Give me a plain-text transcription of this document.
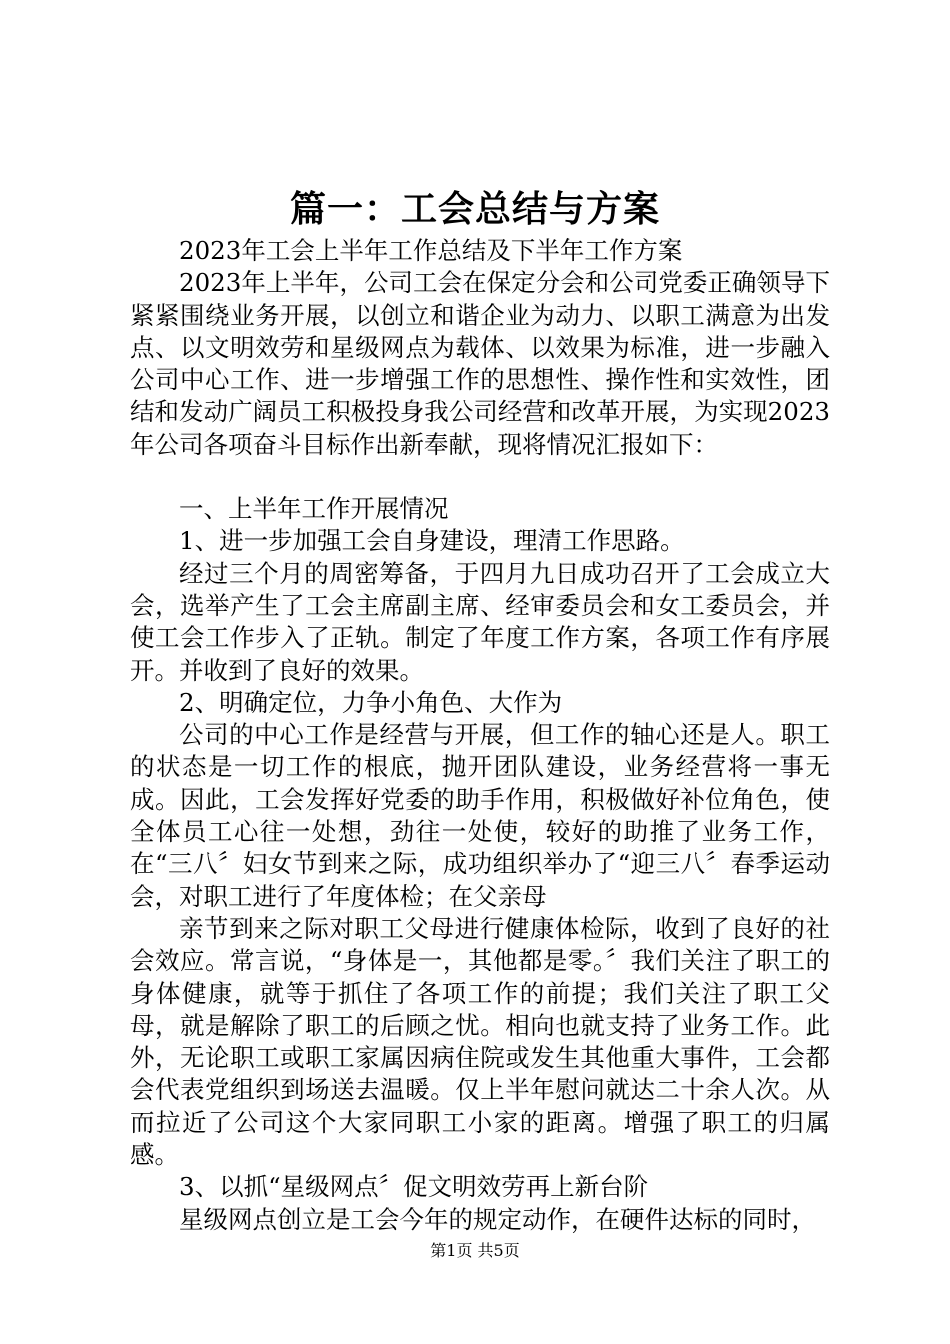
篇一：工会总结与方案

2023年工会上半年工作总结及下半年工作方案

2023年上半年，公司工会在保定分会和公司党委正确领导下紧紧围绕业务开展，以创立和谐企业为动力、以职工满意为出发点、以文明效劳和星级网点为载体、以效果为标准，进一步融入公司中心工作、进一步增强工作的思想性、操作性和实效性，团结和发动广阔员工积极投身我公司经营和改革开展，为实现2023年公司各项奋斗目标作出新奉献，现将情况汇报如下：

一、上半年工作开展情况

1、进一步加强工会自身建设，理清工作思路。

经过三个月的周密筹备，于四月九日成功召开了工会成立大会，选举产生了工会主席副主席、经审委员会和女工委员会，并使工会工作步入了正轨。制定了年度工作方案，各项工作有序展开。并收到了良好的效果。

2、明确定位，力争小角色、大作为

公司的中心工作是经营与开展，但工作的轴心还是人。职工的状态是一切工作的根底，抛开团队建设，业务经营将一事无成。因此，工会发挥好党委的助手作用，积极做好补位角色，使全体员工心往一处想，劲往一处使，较好的助推了业务工作，在“三八〞妇女节到来之际，成功组织举办了“迎三八〞春季运动会，对职工进行了年度体检；在父亲母

亲节到来之际对职工父母进行健康体检际，收到了良好的社会效应。常言说，“身体是一，其他都是零。〞我们关注了职工的身体健康，就等于抓住了各项工作的前提；我们关注了职工父母，就是解除了职工的后顾之忧。相向也就支持了业务工作。此外，无论职工或职工家属因病住院或发生其他重大事件，工会都会代表党组织到场送去温暖。仅上半年慰问就达二十余人次。从而拉近了公司这个大家同职工小家的距离。增强了职工的归属感。

3、以抓“星级网点〞促文明效劳再上新台阶

星级网点创立是工会今年的规定动作，在硬件达标的同时，

第1页 共5页
